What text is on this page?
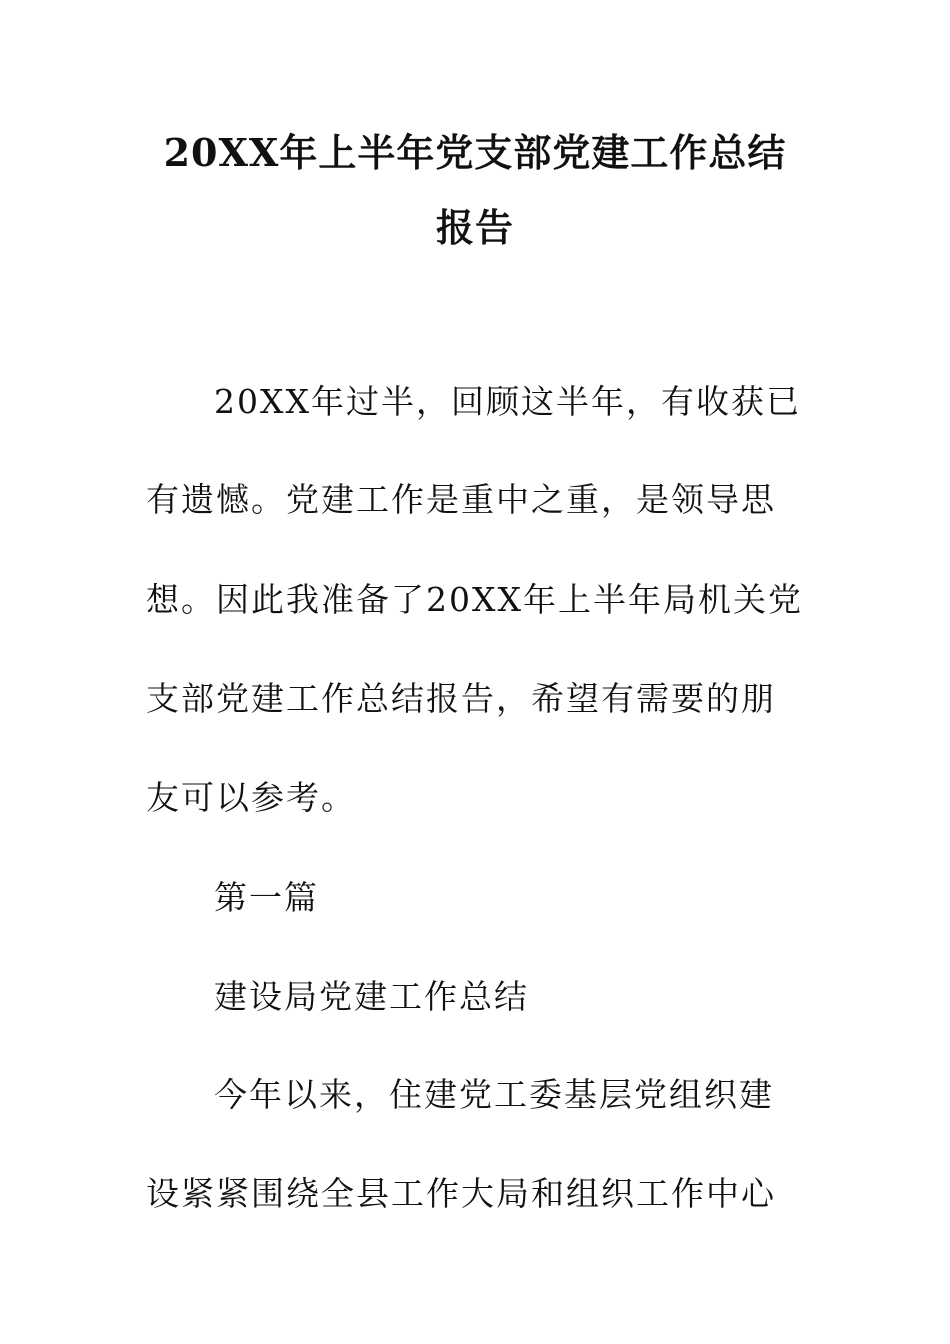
20XX年上半年党支部党建工作总结
报告
20XX年过半，回顾这半年，有收获已
有遗憾。党建工作是重中之重，是领导思
想。因此我准备了20XX年上半年局机关党
支部党建工作总结报告，希望有需要的朋
友可以参考。
第一篇
建设局党建工作总结
今年以来，住建党工委基层党组织建
设紧紧围绕全县工作大局和组织工作中心
